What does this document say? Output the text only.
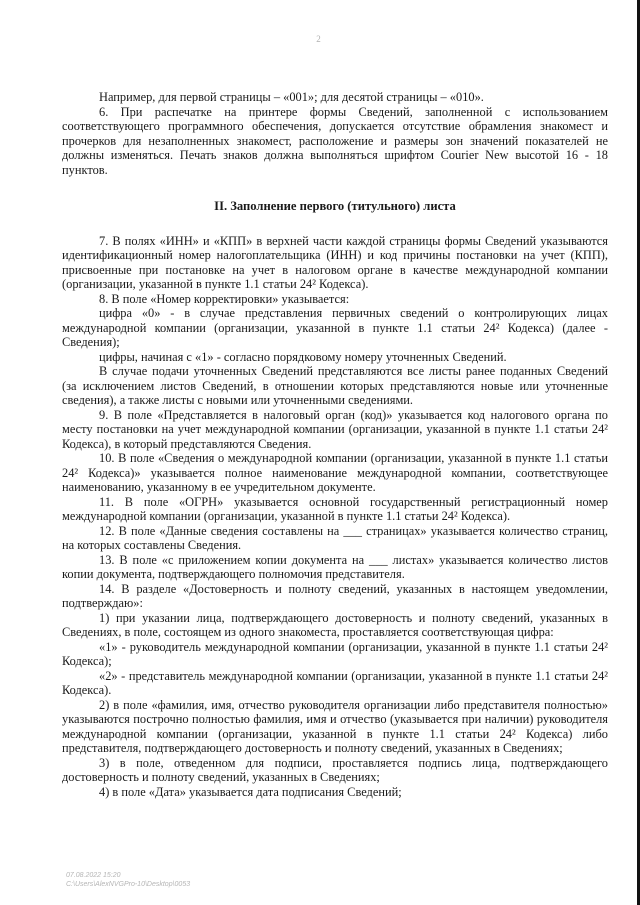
2

Например, для первой страницы – «001»; для десятой страницы – «010».

6. При распечатке на принтере формы Сведений, заполненной с использованием соответствующего программного обеспечения, допускается отсутствие обрамления знакомест и прочерков для незаполненных знакомест, расположение и размеры зон значений показателей не должны изменяться. Печать знаков должна выполняться шрифтом Courier New высотой 16 - 18 пунктов.

II. Заполнение первого (титульного) листа

7. В полях «ИНН» и «КПП» в верхней части каждой страницы формы Сведений указываются идентификационный номер налогоплательщика (ИНН) и код причины постановки на учет (КПП), присвоенные при постановке на учет в налоговом органе в качестве международной компании (организации, указанной в пункте 1.1 статьи 24² Кодекса).

8. В поле «Номер корректировки» указывается:

цифра «0» - в случае представления первичных сведений о контролирующих лицах международной компании (организации, указанной в пункте 1.1 статьи 24² Кодекса) (далее - Сведения);

цифры, начиная с «1» - согласно порядковому номеру уточненных Сведений.

В случае подачи уточненных Сведений представляются все листы ранее поданных Сведений (за исключением листов Сведений, в отношении которых представляются новые или уточненные сведения), а также листы с новыми или уточненными сведениями.

9. В поле «Представляется в налоговый орган (код)» указывается код налогового органа по месту постановки на учет международной компании (организации, указанной в пункте 1.1 статьи 24² Кодекса), в который представляются Сведения.

10. В поле «Сведения о международной компании (организации, указанной в пункте 1.1 статьи 24² Кодекса)» указывается полное наименование международной компании, соответствующее наименованию, указанному в ее учредительном документе.

11. В поле «ОГРН» указывается основной государственный регистрационный номер международной компании (организации, указанной в пункте 1.1 статьи 24² Кодекса).

12. В поле «Данные сведения составлены на ___ страницах» указывается количество страниц, на которых составлены Сведения.

13. В поле «с приложением копии документа на ___ листах» указывается количество листов копии документа, подтверждающего полномочия представителя.

14. В разделе «Достоверность и полноту сведений, указанных в настоящем уведомлении, подтверждаю»:

1) при указании лица, подтверждающего достоверность и полноту сведений, указанных в Сведениях, в поле, состоящем из одного знакоместа, проставляется соответствующая цифра:

«1» - руководитель международной компании (организации, указанной в пункте 1.1 статьи 24² Кодекса);

«2» - представитель международной компании (организации, указанной в пункте 1.1 статьи 24² Кодекса).

2) в поле «фамилия, имя, отчество руководителя организации либо представителя полностью» указываются построчно полностью фамилия, имя и отчество (указывается при наличии) руководителя международной компании (организации, указанной в пункте 1.1 статьи 24² Кодекса) либо представителя, подтверждающего достоверность и полноту сведений, указанных в Сведениях;

3) в поле, отведенном для подписи, проставляется подпись лица, подтверждающего достоверность и полноту сведений, указанных в Сведениях;

4) в поле «Дата» указывается дата подписания Сведений;

07.08.2022 15:20
С:\Users\AlexNVGPro-10\Desktop\0053
